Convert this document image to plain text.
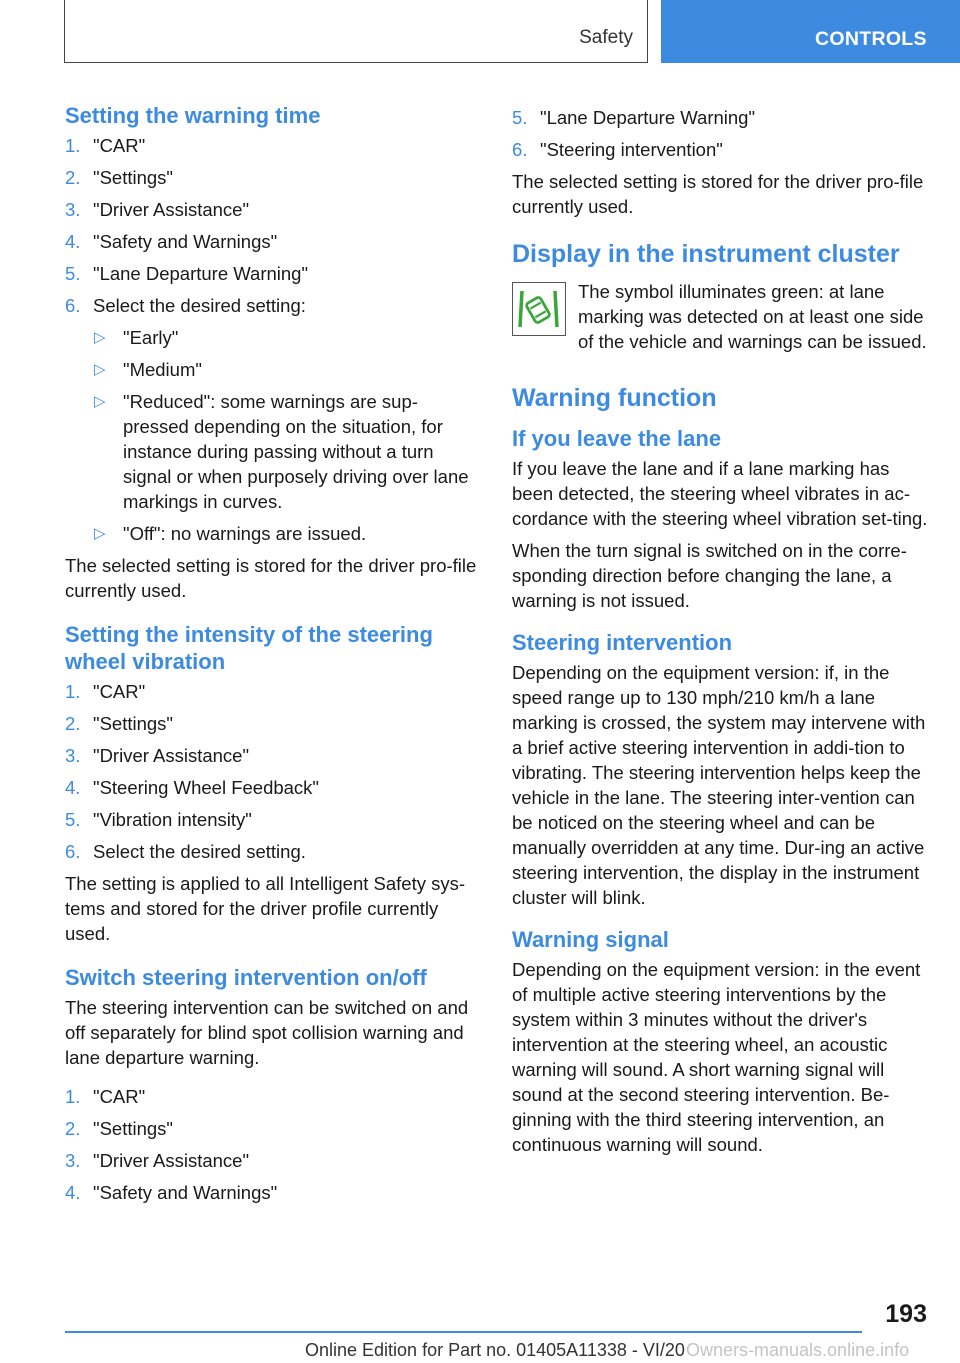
Safety	CONTROLS
Setting the warning time
1. "CAR"
2. "Settings"
3. "Driver Assistance"
4. "Safety and Warnings"
5. "Lane Departure Warning"
6. Select the desired setting:
▷ "Early"
▷ "Medium"
▷ "Reduced": some warnings are sup‐pressed depending on the situation, for instance during passing without a turn signal or when purposely driving over lane markings in curves.
▷ "Off": no warnings are issued.

The selected setting is stored for the driver pro‐file currently used.

Setting the intensity of the steering wheel vibration
1. "CAR"
2. "Settings"
3. "Driver Assistance"
4. "Steering Wheel Feedback"
5. "Vibration intensity"
6. Select the desired setting.

The setting is applied to all Intelligent Safety sys‐tems and stored for the driver profile currently used.

Switch steering intervention on/off

The steering intervention can be switched on and off separately for blind spot collision warning and lane departure warning.

1. "CAR"
2. "Settings"
3. "Driver Assistance"
4. "Safety and Warnings"
5. "Lane Departure Warning"
6. "Steering intervention"

The selected setting is stored for the driver pro‐file currently used.

Display in the instrument cluster

The symbol illuminates green: at lane marking was detected on at least one side of the vehicle and warnings can be issued.

Warning function
If you leave the lane

If you leave the lane and if a lane marking has been detected, the steering wheel vibrates in ac‐cordance with the steering wheel vibration set‐ting.

When the turn signal is switched on in the corre‐sponding direction before changing the lane, a warning is not issued.

Steering intervention

Depending on the equipment version: if, in the speed range up to 130 mph/210 km/h a lane marking is crossed, the system may intervene with a brief active steering intervention in addi‐tion to vibrating. The steering intervention helps keep the vehicle in the lane. The steering inter‐vention can be noticed on the steering wheel and can be manually overridden at any time. Dur‐ing an active steering intervention, the display in the instrument cluster will blink.

Warning signal

Depending on the equipment version: in the event of multiple active steering interventions by the system within 3 minutes without the driver's intervention at the steering wheel, an acoustic warning will sound. A short warning signal will sound at the second steering intervention. Be‐ginning with the third steering intervention, an continuous warning will sound.

193
Online Edition for Part no. 01405A11338 - VI/20 Owners-manuals.online.info
